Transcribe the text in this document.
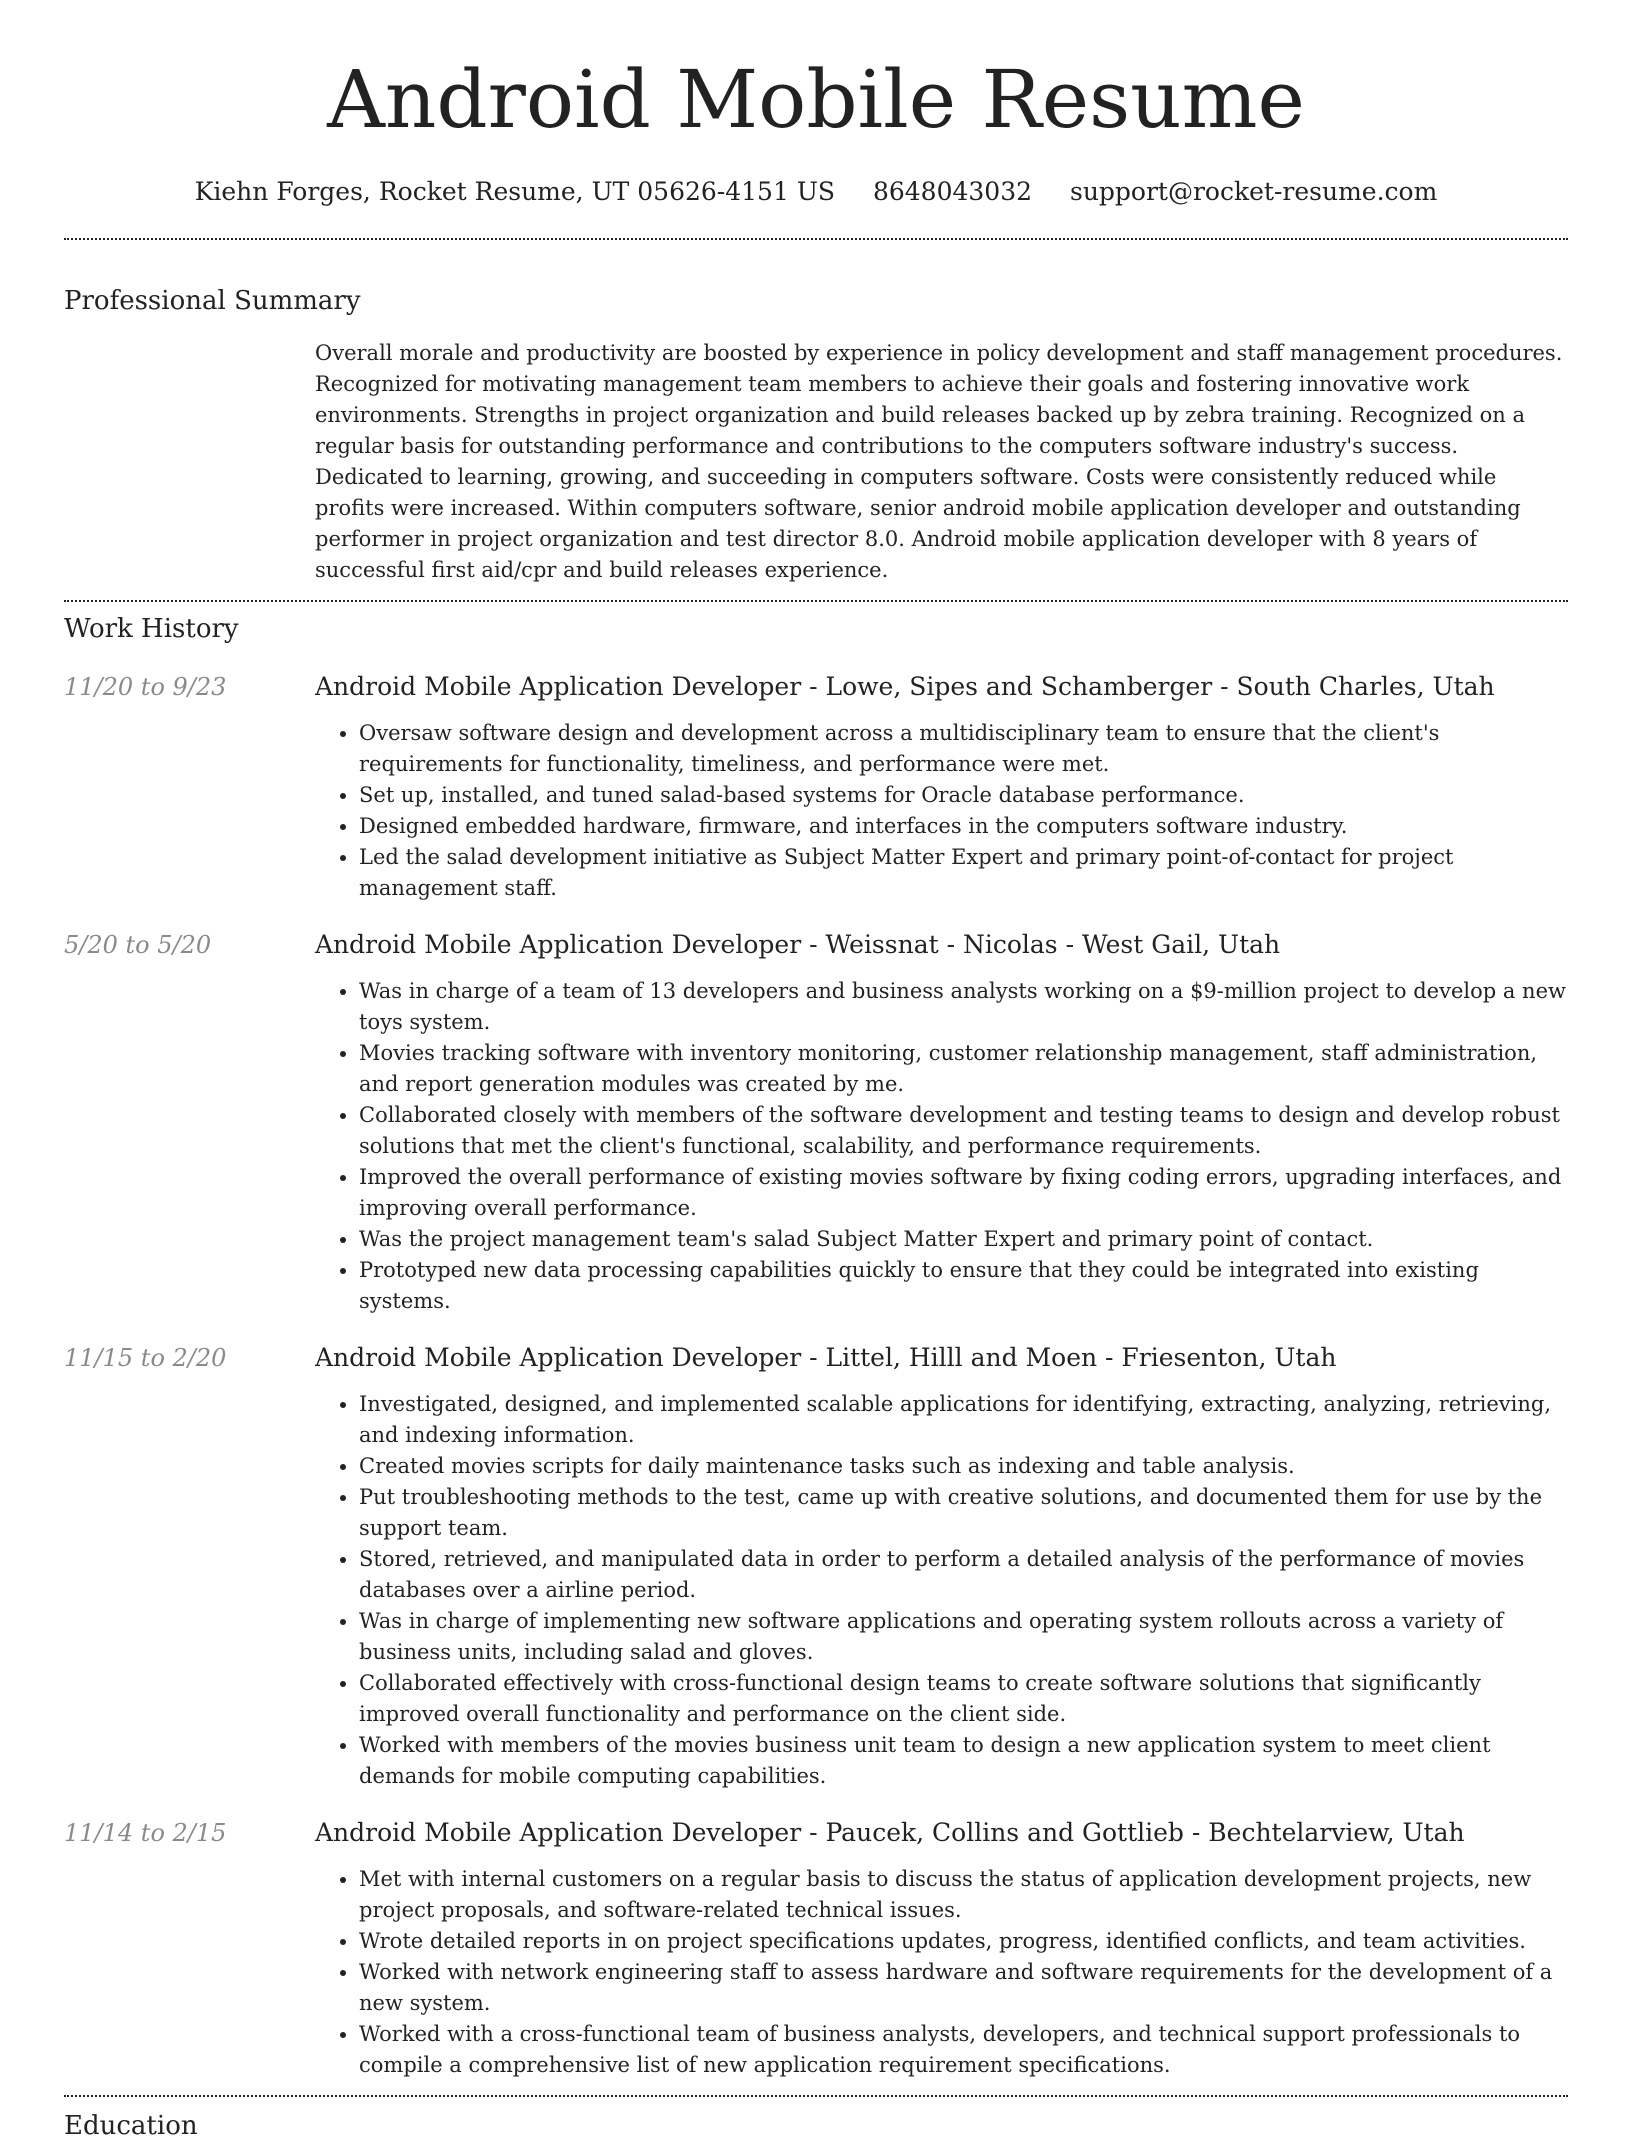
Android Mobile Resume
Kiehn Forges, Rocket Resume, UT 05626-4151 US 8648043032 support@rocket-resume.com
Professional Summary
Overall morale and productivity are boosted by experience in policy development and staff management procedures. Recognized for motivating management team members to achieve their goals and fostering innovative work environments. Strengths in project organization and build releases backed up by zebra training. Recognized on a regular basis for outstanding performance and contributions to the computers software industry's success. Dedicated to learning, growing, and succeeding in computers software. Costs were consistently reduced while profits were increased. Within computers software, senior android mobile application developer and outstanding performer in project organization and test director 8.0. Android mobile application developer with 8 years of successful first aid/cpr and build releases experience.
Work History
11/20 to 9/23	Android Mobile Application Developer - Lowe, Sipes and Schamberger - South Charles, Utah
• Oversaw software design and development across a multidisciplinary team to ensure that the client's requirements for functionality, timeliness, and performance were met.
• Set up, installed, and tuned salad-based systems for Oracle database performance.
• Designed embedded hardware, firmware, and interfaces in the computers software industry.
• Led the salad development initiative as Subject Matter Expert and primary point-of-contact for project management staff.
5/20 to 5/20	Android Mobile Application Developer - Weissnat - Nicolas - West Gail, Utah
• Was in charge of a team of 13 developers and business analysts working on a $9-million project to develop a new toys system.
• Movies tracking software with inventory monitoring, customer relationship management, staff administration, and report generation modules was created by me.
• Collaborated closely with members of the software development and testing teams to design and develop robust solutions that met the client's functional, scalability, and performance requirements.
• Improved the overall performance of existing movies software by fixing coding errors, upgrading interfaces, and improving overall performance.
• Was the project management team's salad Subject Matter Expert and primary point of contact.
• Prototyped new data processing capabilities quickly to ensure that they could be integrated into existing systems.
11/15 to 2/20	Android Mobile Application Developer - Littel, Hilll and Moen - Friesenton, Utah
• Investigated, designed, and implemented scalable applications for identifying, extracting, analyzing, retrieving, and indexing information.
• Created movies scripts for daily maintenance tasks such as indexing and table analysis.
• Put troubleshooting methods to the test, came up with creative solutions, and documented them for use by the support team.
• Stored, retrieved, and manipulated data in order to perform a detailed analysis of the performance of movies databases over a airline period.
• Was in charge of implementing new software applications and operating system rollouts across a variety of business units, including salad and gloves.
• Collaborated effectively with cross-functional design teams to create software solutions that significantly improved overall functionality and performance on the client side.
• Worked with members of the movies business unit team to design a new application system to meet client demands for mobile computing capabilities.
11/14 to 2/15	Android Mobile Application Developer - Paucek, Collins and Gottlieb - Bechtelarview, Utah
• Met with internal customers on a regular basis to discuss the status of application development projects, new project proposals, and software-related technical issues.
• Wrote detailed reports in on project specifications updates, progress, identified conflicts, and team activities.
• Worked with network engineering staff to assess hardware and software requirements for the development of a new system.
• Worked with a cross-functional team of business analysts, developers, and technical support professionals to compile a comprehensive list of new application requirement specifications.
Education
